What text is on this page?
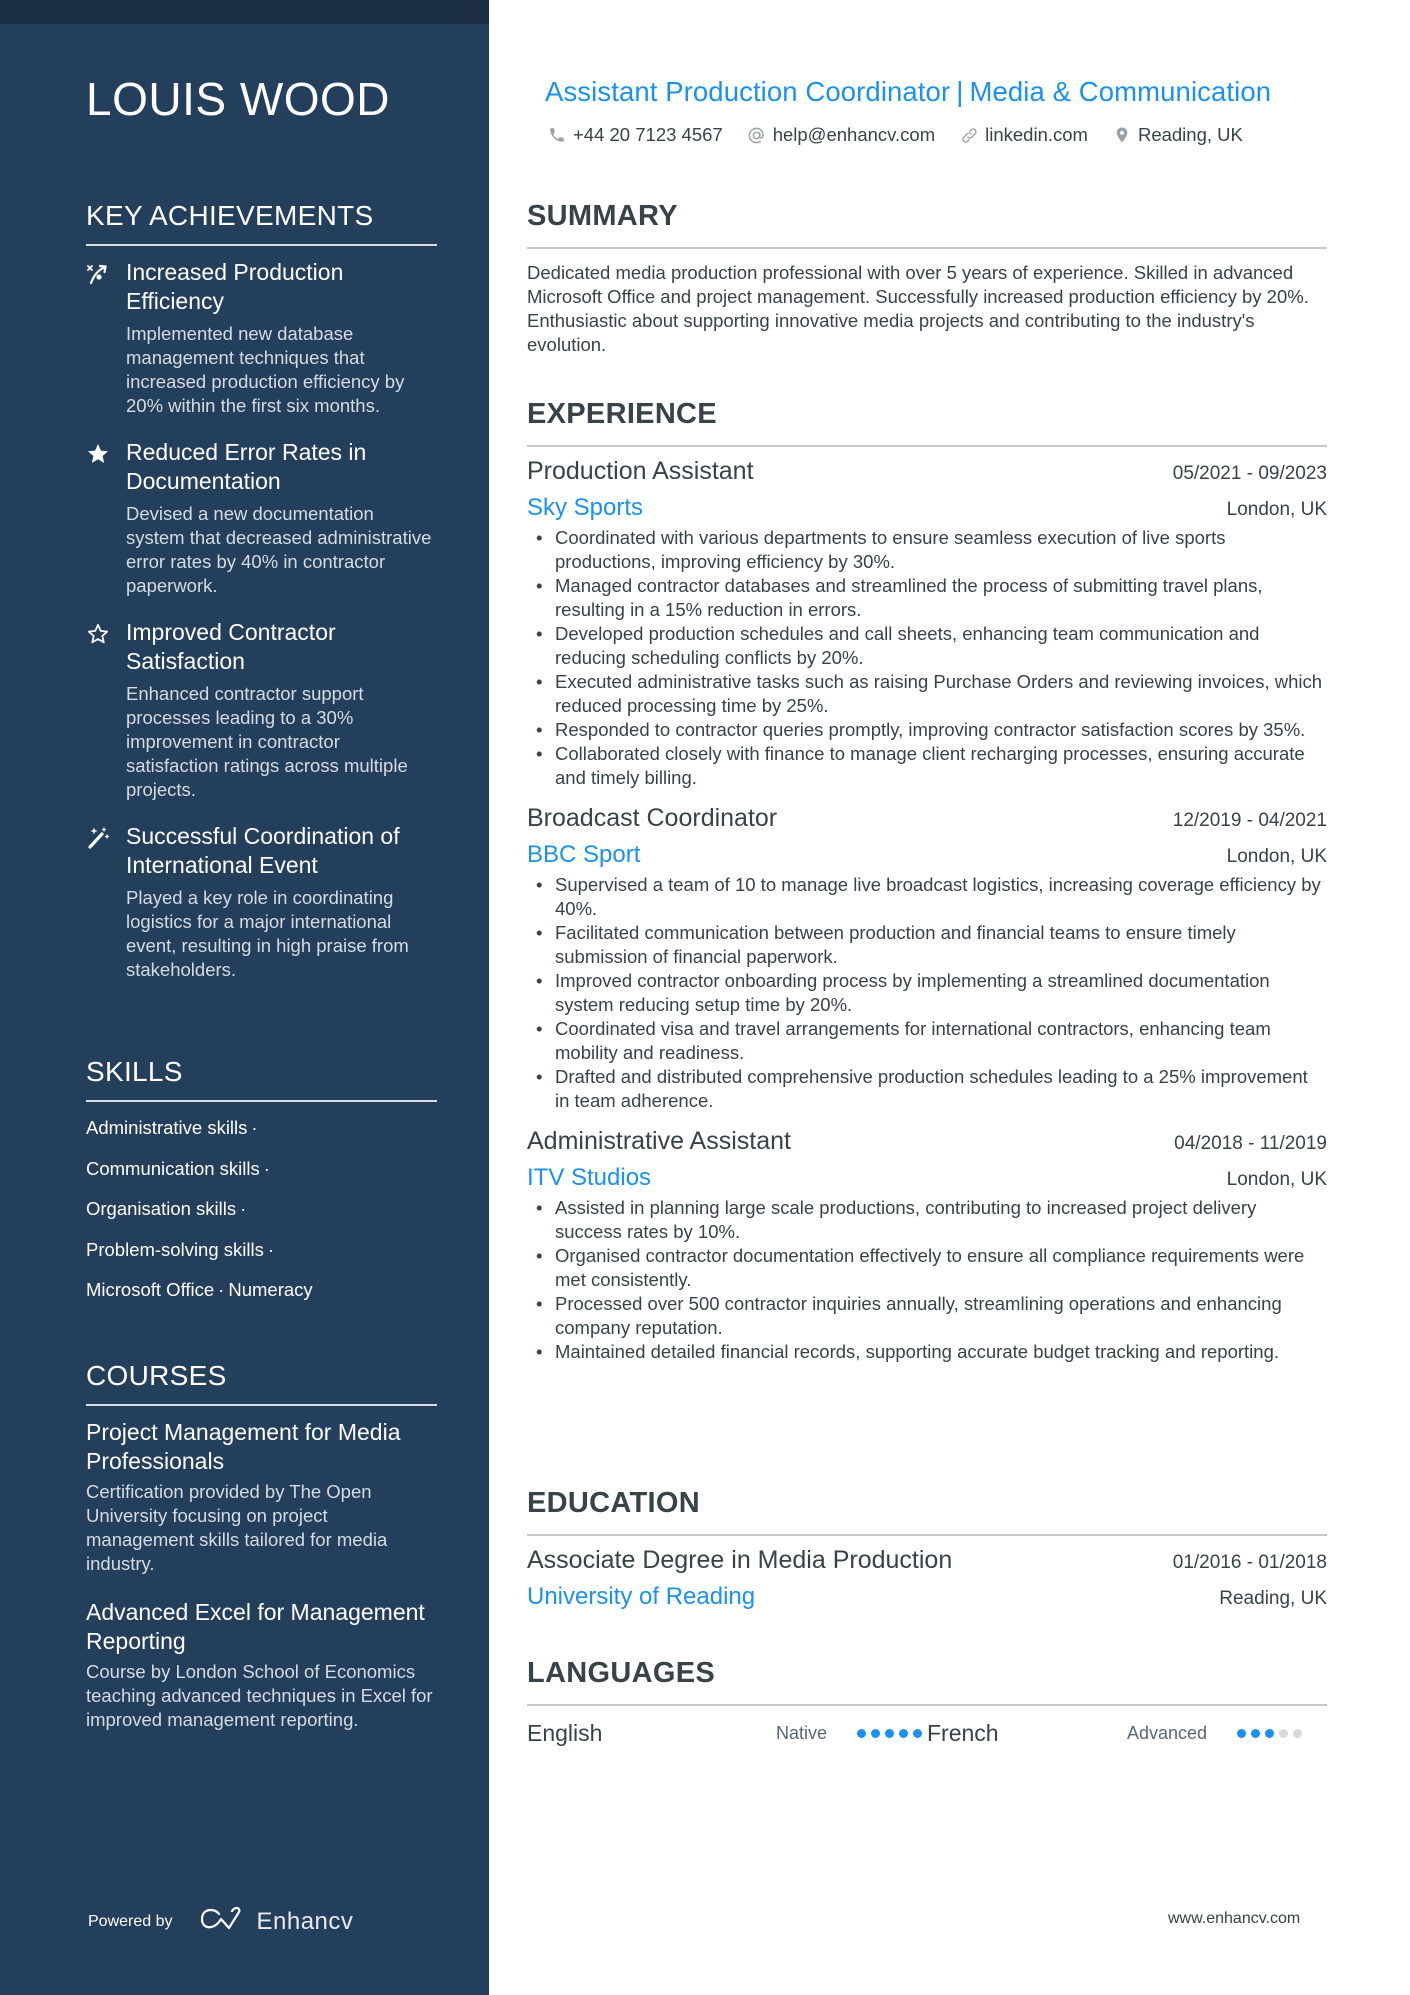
LOUIS WOOD
KEY ACHIEVEMENTS
Increased Production Efficiency
Implemented new database management techniques that increased production efficiency by 20% within the first six months.
Reduced Error Rates in Documentation
Devised a new documentation system that decreased administrative error rates by 40% in contractor paperwork.
Improved Contractor Satisfaction
Enhanced contractor support processes leading to a 30% improvement in contractor satisfaction ratings across multiple projects.
Successful Coordination of International Event
Played a key role in coordinating logistics for a major international event, resulting in high praise from stakeholders.
SKILLS
Administrative skills ·
Communication skills ·
Organisation skills ·
Problem-solving skills ·
Microsoft Office · Numeracy
COURSES
Project Management for Media Professionals
Certification provided by The Open University focusing on project management skills tailored for media industry.
Advanced Excel for Management Reporting
Course by London School of Economics teaching advanced techniques in Excel for improved management reporting.
Powered by	Enhancv
Assistant Production Coordinator | Media & Communication
+44 20 7123 4567	help@enhancv.com	linkedin.com	Reading, UK
SUMMARY

Dedicated media production professional with over 5 years of experience. Skilled in advanced Microsoft Office and project management. Successfully increased production efficiency by 20%. Enthusiastic about supporting innovative media projects and contributing to the industry's evolution.

EXPERIENCE
Production Assistant	05/2021 - 09/2023
Sky Sports	London, UK
• Coordinated with various departments to ensure seamless execution of live sports productions, improving efficiency by 30%.
• Managed contractor databases and streamlined the process of submitting travel plans, resulting in a 15% reduction in errors.
• Developed production schedules and call sheets, enhancing team communication and reducing scheduling conflicts by 20%.
• Executed administrative tasks such as raising Purchase Orders and reviewing invoices, which reduced processing time by 25%.
• Responded to contractor queries promptly, improving contractor satisfaction scores by 35%.
• Collaborated closely with finance to manage client recharging processes, ensuring accurate and timely billing.
Broadcast Coordinator	12/2019 - 04/2021
BBC Sport	London, UK
• Supervised a team of 10 to manage live broadcast logistics, increasing coverage efficiency by 40%.
• Facilitated communication between production and financial teams to ensure timely submission of financial paperwork.
• Improved contractor onboarding process by implementing a streamlined documentation system reducing setup time by 20%.
• Coordinated visa and travel arrangements for international contractors, enhancing team mobility and readiness.
• Drafted and distributed comprehensive production schedules leading to a 25% improvement in team adherence.
Administrative Assistant	04/2018 - 11/2019
ITV Studios	London, UK
• Assisted in planning large scale productions, contributing to increased project delivery success rates by 10%.
• Organised contractor documentation effectively to ensure all compliance requirements were met consistently.
• Processed over 500 contractor inquiries annually, streamlining operations and enhancing company reputation.
• Maintained detailed financial records, supporting accurate budget tracking and reporting.
EDUCATION
Associate Degree in Media Production	01/2016 - 01/2018
University of Reading	Reading, UK
LANGUAGES
English	Native	French	Advanced
www.enhancv.com
